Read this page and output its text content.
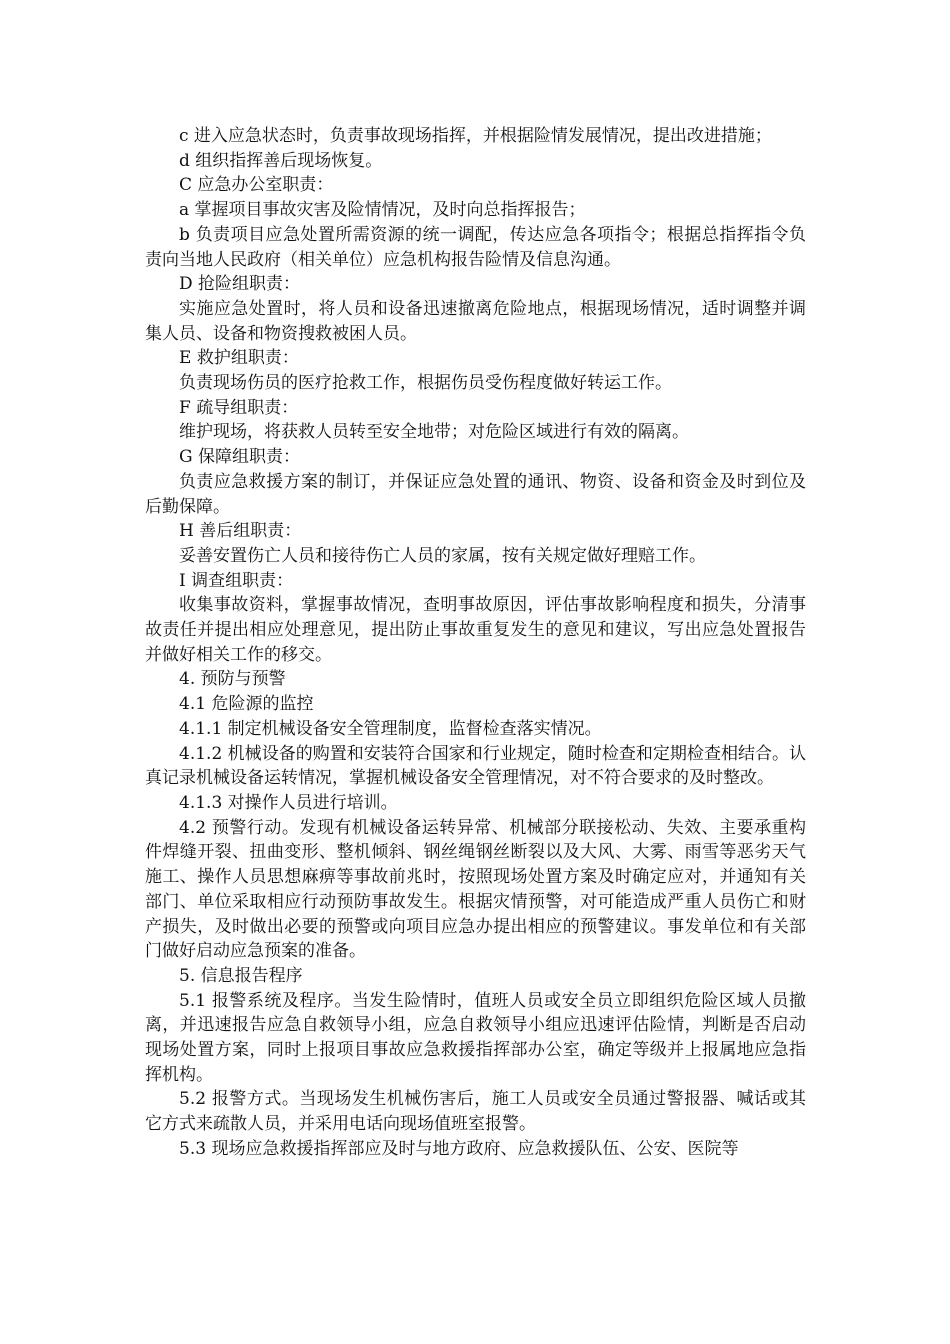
c 进入应急状态时，负责事故现场指挥，并根据险情发展情况，提出改进措施；

d 组织指挥善后现场恢复。

C 应急办公室职责：

a 掌握项目事故灾害及险情情况，及时向总指挥报告；

b 负责项目应急处置所需资源的统一调配，传达应急各项指令；根据总指挥指令负责向当地人民政府（相关单位）应急机构报告险情及信息沟通。

D 抢险组职责：

实施应急处置时，将人员和设备迅速撤离危险地点，根据现场情况，适时调整并调集人员、设备和物资搜救被困人员。

E 救护组职责：

负责现场伤员的医疗抢救工作，根据伤员受伤程度做好转运工作。

F 疏导组职责：

维护现场，将获救人员转至安全地带；对危险区域进行有效的隔离。

G 保障组职责：

负责应急救援方案的制订，并保证应急处置的通讯、物资、设备和资金及时到位及后勤保障。

H 善后组职责：

妥善安置伤亡人员和接待伤亡人员的家属，按有关规定做好理赔工作。

I 调查组职责：

收集事故资料，掌握事故情况，查明事故原因，评估事故影响程度和损失，分清事故责任并提出相应处理意见，提出防止事故重复发生的意见和建议，写出应急处置报告并做好相关工作的移交。

4. 预防与预警

4.1 危险源的监控

4.1.1 制定机械设备安全管理制度，监督检查落实情况。

4.1.2 机械设备的购置和安装符合国家和行业规定，随时检查和定期检查相结合。认真记录机械设备运转情况，掌握机械设备安全管理情况，对不符合要求的及时整改。

4.1.3 对操作人员进行培训。

4.2 预警行动。发现有机械设备运转异常、机械部分联接松动、失效、主要承重构件焊缝开裂、扭曲变形、整机倾斜、钢丝绳钢丝断裂以及大风、大雾、雨雪等恶劣天气施工、操作人员思想麻痹等事故前兆时，按照现场处置方案及时确定应对，并通知有关部门、单位采取相应行动预防事故发生。根据灾情预警，对可能造成严重人员伤亡和财产损失，及时做出必要的预警或向项目应急办提出相应的预警建议。事发单位和有关部门做好启动应急预案的准备。

5. 信息报告程序

5.1 报警系统及程序。当发生险情时，值班人员或安全员立即组织危险区域人员撤离，并迅速报告应急自救领导小组，应急自救领导小组应迅速评估险情，判断是否启动现场处置方案，同时上报项目事故应急救援指挥部办公室，确定等级并上报属地应急指挥机构。

5.2 报警方式。当现场发生机械伤害后，施工人员或安全员通过警报器、喊话或其它方式来疏散人员，并采用电话向现场值班室报警。

5.3 现场应急救援指挥部应及时与地方政府、应急救援队伍、公安、医院等
